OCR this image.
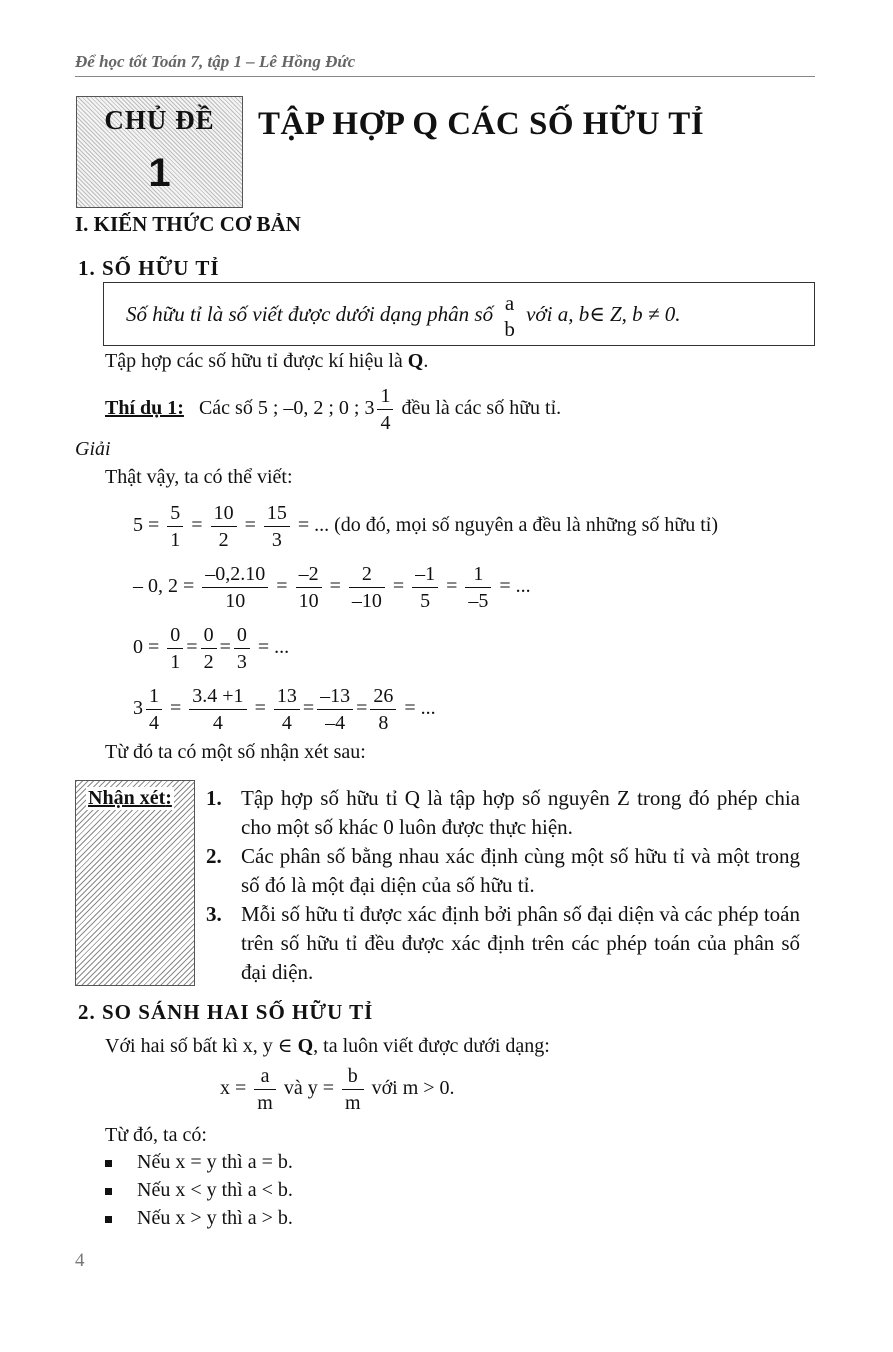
Để học tốt Toán 7, tập 1 – Lê Hồng Đức
CHỦ ĐỀ
1
TẬP HỢP Q CÁC SỐ HỮU TỈ
I. KIẾN THỨC CƠ BẢN
1. SỐ HỮU TỈ
Số hữu tỉ là số viết được dưới dạng phân số a
b
với a, b∈ Z, b ≠ 0.
Tập hợp các số hữu tỉ được kí hiệu là Q.
Thí dụ 1: Các số 5 ; –0, 2 ; 0 ; $3 \frac{1}{4}$ đều là các số hữu tỉ.
Giải
Thật vậy, ta có thể viết:
$5 = \frac{5}{1} = \frac{10}{2} = \frac{15}{3}$ = ... (do đó, mọi số nguyên a đều là những số hữu tỉ)
– 0, $2 = \frac{-0,2.10}{10} = \frac{-2}{10} = \frac{2}{-10} = \frac{-1}{5} = \frac{1}{-5}$ = ...
$0 = \frac{0}{1} = \frac{0}{2} = \frac{0}{3}$ = ...
$3 \frac{1}{4} = \frac{3.4 +1}{4} = \frac{13}{4} = \frac{-13}{-4} = \frac{26}{8}$ = ...
Từ đó ta có một số nhận xét sau:
Nhận xét: 1. Tập hợp số hữu tỉ Q là tập hợp số nguyên Z trong đó phép chia cho một số khác 0 luôn được thực hiện.
2. Các phân số bằng nhau xác định cùng một số hữu tỉ và một trong số đó là một đại diện của số hữu tỉ.
3. Mỗi số hữu tỉ được xác định bởi phân số đại diện và các phép toán trên số hữu tỉ đều được xác định trên các phép toán của phân số đại diện.
2. SO SÁNH HAI SỐ HỮU TỈ
Với hai số bất kì x, y ∈ Q, ta luôn viết được dưới dạng:
$x = \frac{a}{m}$ và $y = \frac{b}{m}$ với m > 0.
Từ đó, ta có:
Nếu x = y thì a = b.
Nếu x < y thì a < b.
Nếu x > y thì a > b.
4
